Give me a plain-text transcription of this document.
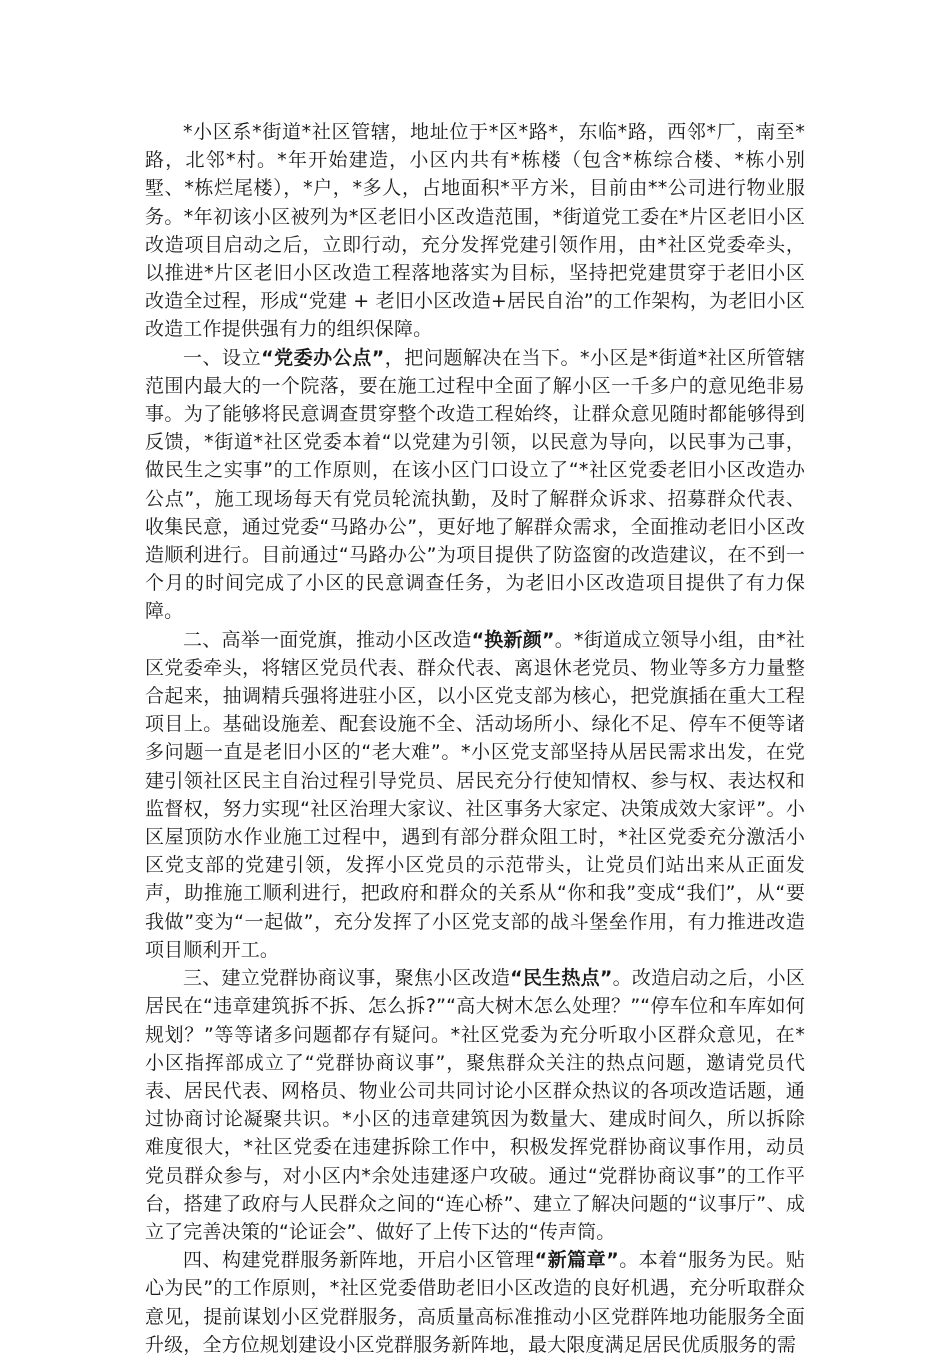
*小区系*街道*社区管辖，地址位于*区*路*，东临*路，西邻*厂，南至*路，北邻*村。*年开始建造，小区内共有*栋楼（包含*栋综合楼、*栋小别墅、*栋烂尾楼），*户，*多人，占地面积*平方米，目前由**公司进行物业服务。*年初该小区被列为*区老旧小区改造范围，*街道党工委在*片区老旧小区改造项目启动之后，立即行动，充分发挥党建引领作用，由*社区党委牵头，以推进*片区老旧小区改造工程落地落实为目标，坚持把党建贯穿于老旧小区改造全过程，形成“党建 + 老旧小区改造+居民自治”的工作架构，为老旧小区改造工作提供强有力的组织保障。

一、设立“党委办公点”，把问题解决在当下。*小区是*街道*社区所管辖范围内最大的一个院落，要在施工过程中全面了解小区一千多户的意见绝非易事。为了能够将民意调查贯穿整个改造工程始终，让群众意见随时都能够得到反馈，*街道*社区党委本着“以党建为引领，以民意为导向，以民事为己事，做民生之实事”的工作原则，在该小区门口设立了“*社区党委老旧小区改造办公点”，施工现场每天有党员轮流执勤，及时了解群众诉求、招募群众代表、收集民意，通过党委“马路办公”，更好地了解群众需求，全面推动老旧小区改造顺利进行。目前通过“马路办公”为项目提供了防盗窗的改造建议，在不到一个月的时间完成了小区的民意调查任务，为老旧小区改造项目提供了有力保障。

二、高举一面党旗，推动小区改造“换新颜”。*街道成立领导小组，由*社区党委牵头，将辖区党员代表、群众代表、离退休老党员、物业等多方力量整合起来，抽调精兵强将进驻小区，以小区党支部为核心，把党旗插在重大工程项目上。基础设施差、配套设施不全、活动场所小、绿化不足、停车不便等诸多问题一直是老旧小区的“老大难”。*小区党支部坚持从居民需求出发，在党建引领社区民主自治过程引导党员、居民充分行使知情权、参与权、表达权和监督权，努力实现“社区治理大家议、社区事务大家定、决策成效大家评”。小区屋顶防水作业施工过程中，遇到有部分群众阻工时，*社区党委充分激活小区党支部的党建引领，发挥小区党员的示范带头，让党员们站出来从正面发声，助推施工顺利进行，把政府和群众的关系从“你和我”变成“我们”，从“要我做”变为“一起做”，充分发挥了小区党支部的战斗堡垒作用，有力推进改造项目顺利开工。

三、建立党群协商议事，聚焦小区改造“民生热点”。改造启动之后，小区居民在“违章建筑拆不拆、怎么拆?”“高大树木怎么处理？”“停车位和车库如何规划？”等等诸多问题都存有疑问。*社区党委为充分听取小区群众意见，在*小区指挥部成立了“党群协商议事”，聚焦群众关注的热点问题，邀请党员代表、居民代表、网格员、物业公司共同讨论小区群众热议的各项改造话题，通过协商讨论凝聚共识。*小区的违章建筑因为数量大、建成时间久，所以拆除难度很大，*社区党委在违建拆除工作中，积极发挥党群协商议事作用，动员党员群众参与，对小区内*余处违建逐户攻破。通过“党群协商议事”的工作平台，搭建了政府与人民群众之间的“连心桥”、建立了解决问题的“议事厅”、成立了完善决策的“论证会”、做好了上传下达的“传声筒。

四、构建党群服务新阵地，开启小区管理“新篇章”。本着“服务为民。贴心为民”的工作原则，*社区党委借助老旧小区改造的良好机遇，充分听取群众意见，提前谋划小区党群服务，高质量高标准推动小区党群阵地功能服务全面升级，全方位规划建设小区党群服务新阵地，最大限度满足居民优质服务的需
